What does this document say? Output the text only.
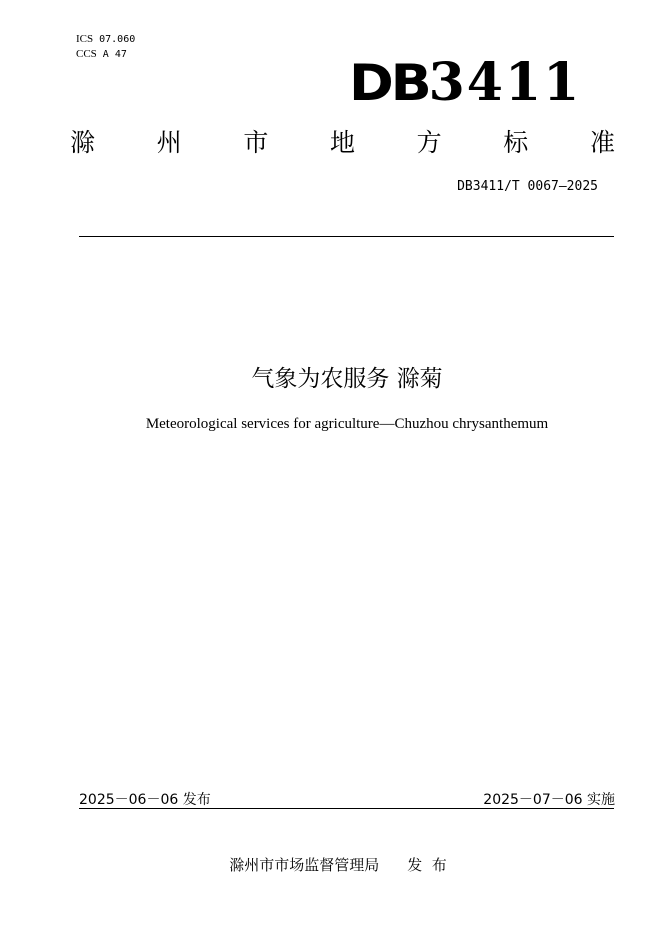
ICS 07.060
CCS A 47	DB 3411
滁 州 市 地 方 标 准
DB3411/T 0067—2025
气象为农服务 滁菊
Meteorological services for agriculture—Chuzhou chrysanthemum
2025－06－06 发布	2025－07－06 实施
滁州市市场监督管理局 发  布
